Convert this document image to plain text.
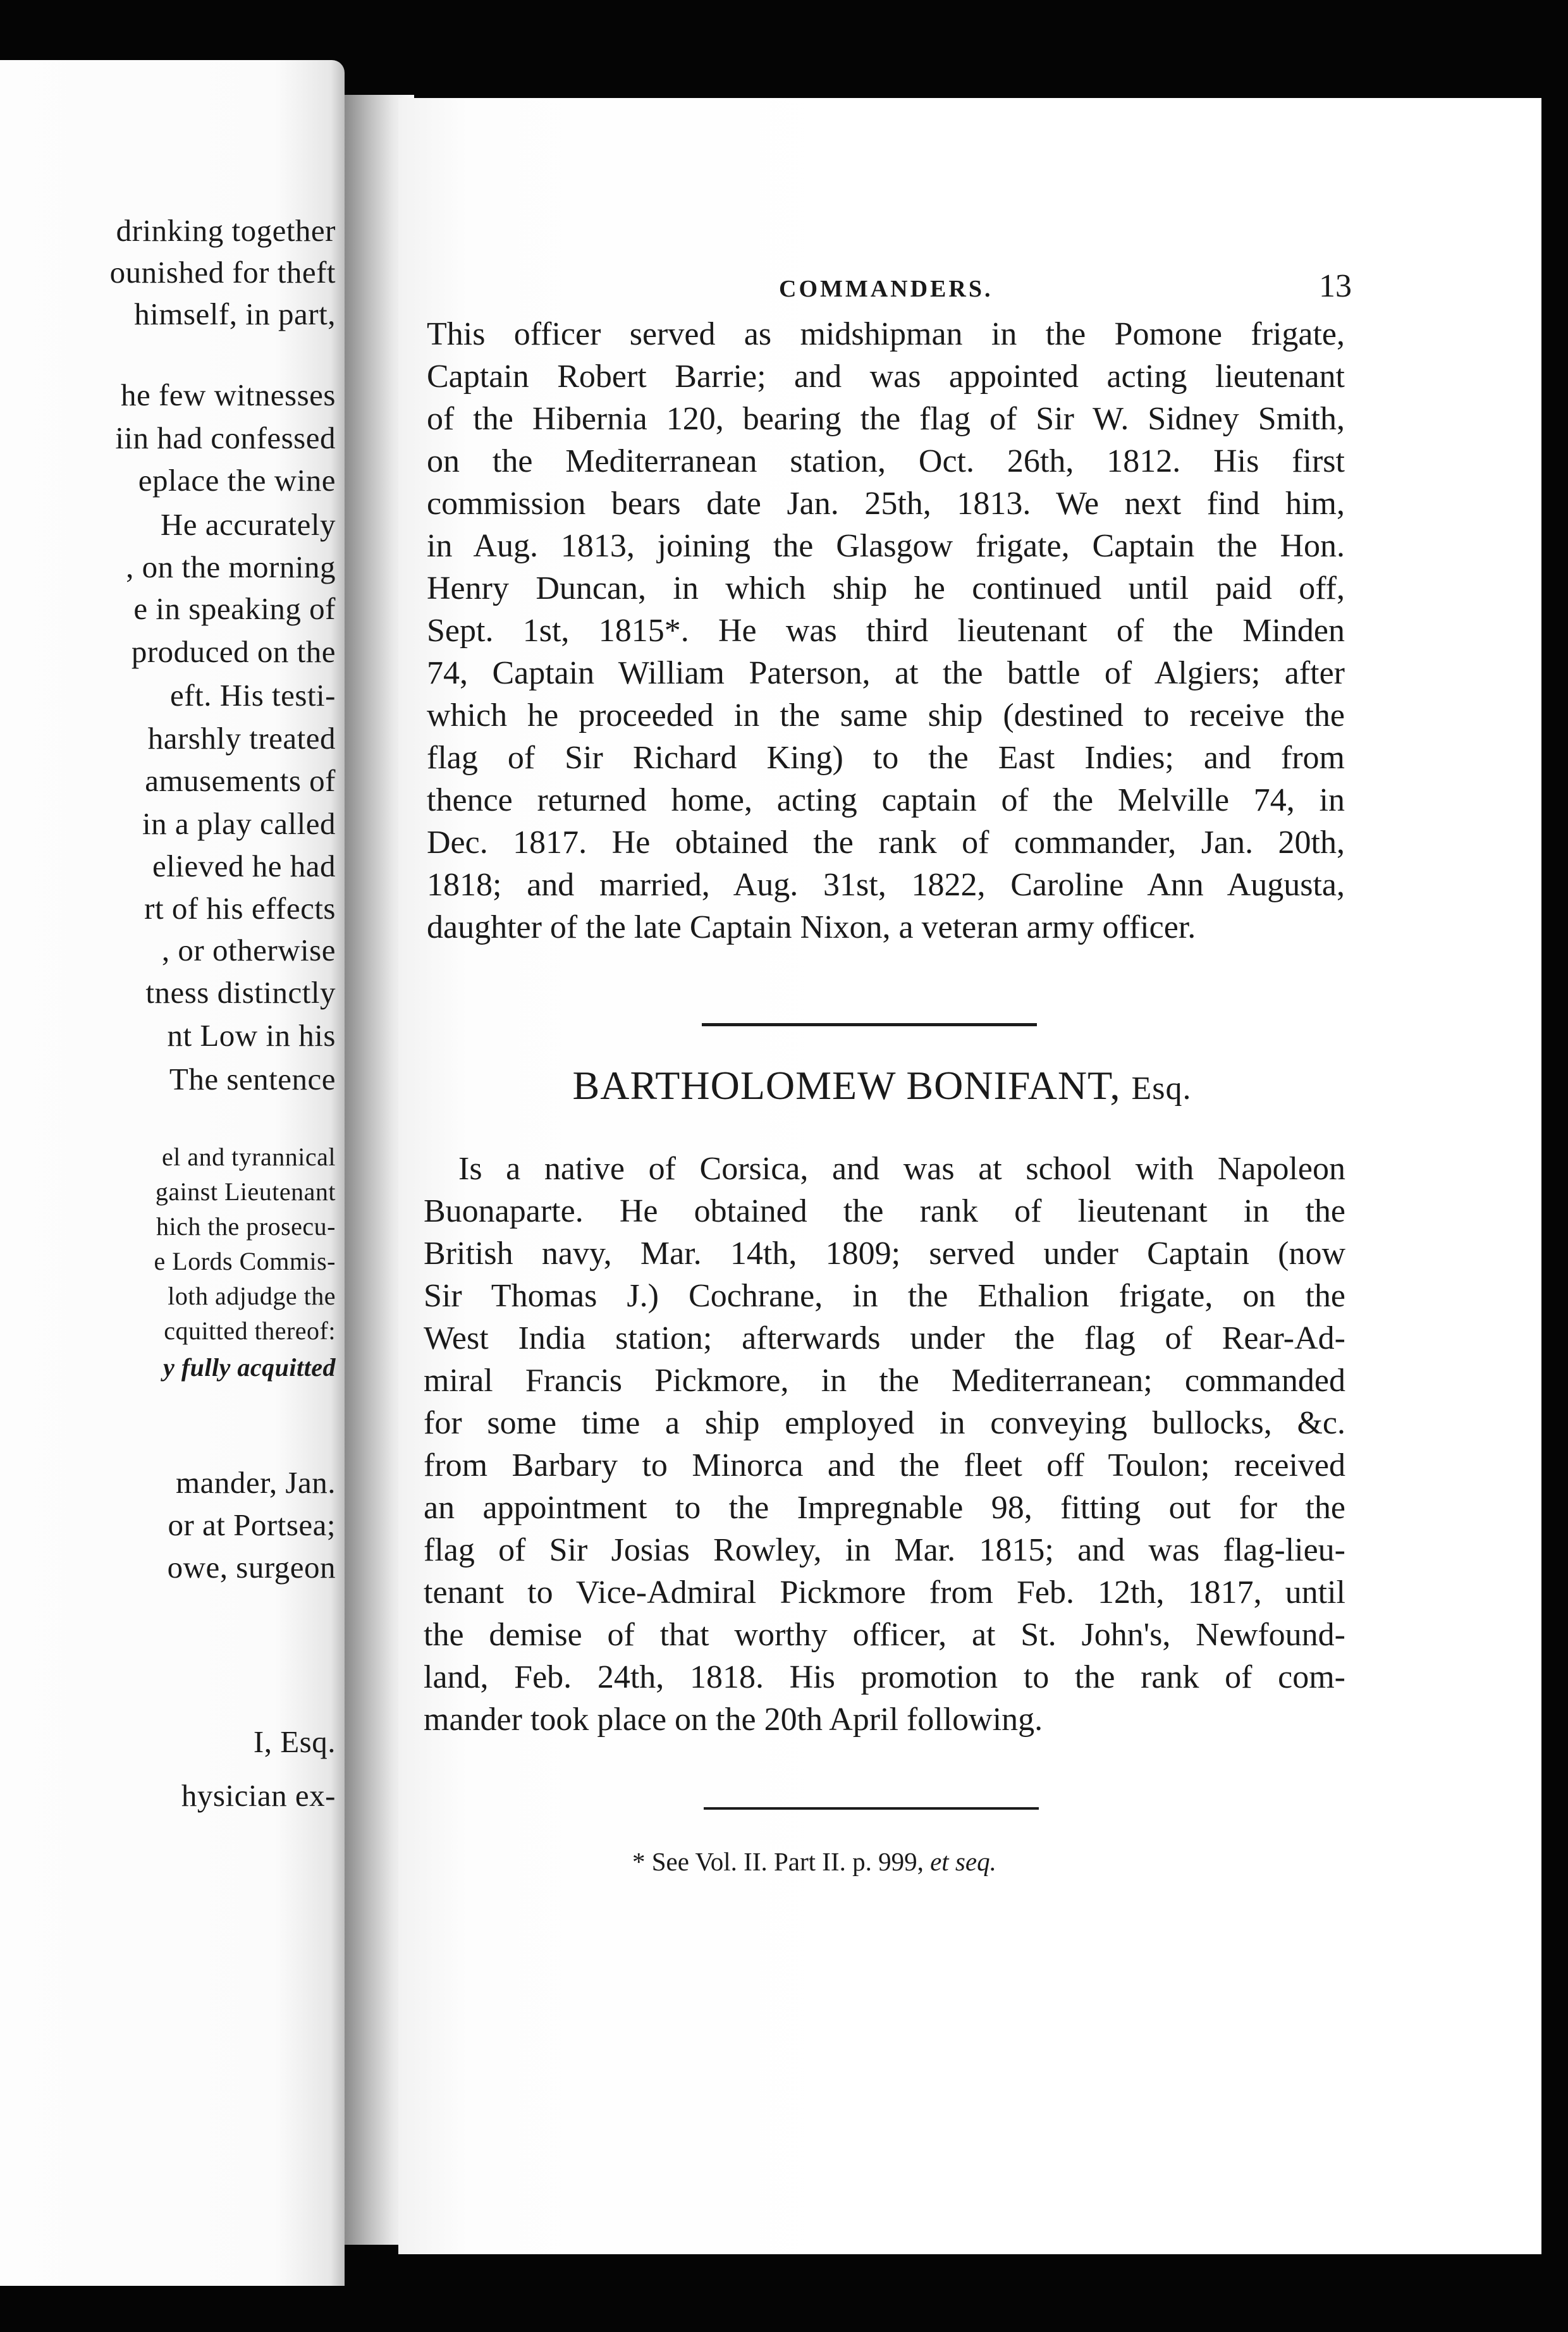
drinking together
ounished for theft
himself, in part,
he few witnesses
iin had confessed
eplace the wine
He accurately
, on the morning
e in speaking of
produced on the
eft. His testi-
harshly treated
amusements of
in a play called
elieved he had
rt of his effects
, or otherwise
tness distinctly
nt Low in his
The sentence
el and tyrannical
gainst Lieutenant
hich the prosecu-
e Lords Commis-
loth adjudge the
cquitted thereof:
y fully acquitted
mander, Jan.
or at Portsea;
owe, surgeon
I, Esq.
hysician ex-
COMMANDERS.	13
This officer served as midshipman in the Pomone frigate,
Captain Robert Barrie; and was appointed acting lieutenant
of the Hibernia 120, bearing the flag of Sir W. Sidney Smith,
on the Mediterranean station, Oct. 26th, 1812. His first
commission bears date Jan. 25th, 1813. We next find him,
in Aug. 1813, joining the Glasgow frigate, Captain the Hon.
Henry Duncan, in which ship he continued until paid off,
Sept. 1st, 1815*. He was third lieutenant of the Minden
74, Captain William Paterson, at the battle of Algiers; after
which he proceeded in the same ship (destined to receive the
flag of Sir Richard King) to the East Indies; and from
thence returned home, acting captain of the Melville 74, in
Dec. 1817. He obtained the rank of commander, Jan. 20th,
1818; and married, Aug. 31st, 1822, Caroline Ann Augusta,
daughter of the late Captain Nixon, a veteran army officer.
BARTHOLOMEW BONIFANT, Esq.
Is a native of Corsica, and was at school with Napoleon
Buonaparte. He obtained the rank of lieutenant in the
British navy, Mar. 14th, 1809; served under Captain (now
Sir Thomas J.) Cochrane, in the Ethalion frigate, on the
West India station; afterwards under the flag of Rear-Ad-
miral Francis Pickmore, in the Mediterranean; commanded
for some time a ship employed in conveying bullocks, &c.
from Barbary to Minorca and the fleet off Toulon; received
an appointment to the Impregnable 98, fitting out for the
flag of Sir Josias Rowley, in Mar. 1815; and was flag-lieu-
tenant to Vice-Admiral Pickmore from Feb. 12th, 1817, until
the demise of that worthy officer, at St. John's, Newfound-
land, Feb. 24th, 1818. His promotion to the rank of com-
mander took place on the 20th April following.
* See Vol. II. Part II. p. 999, et seq.
